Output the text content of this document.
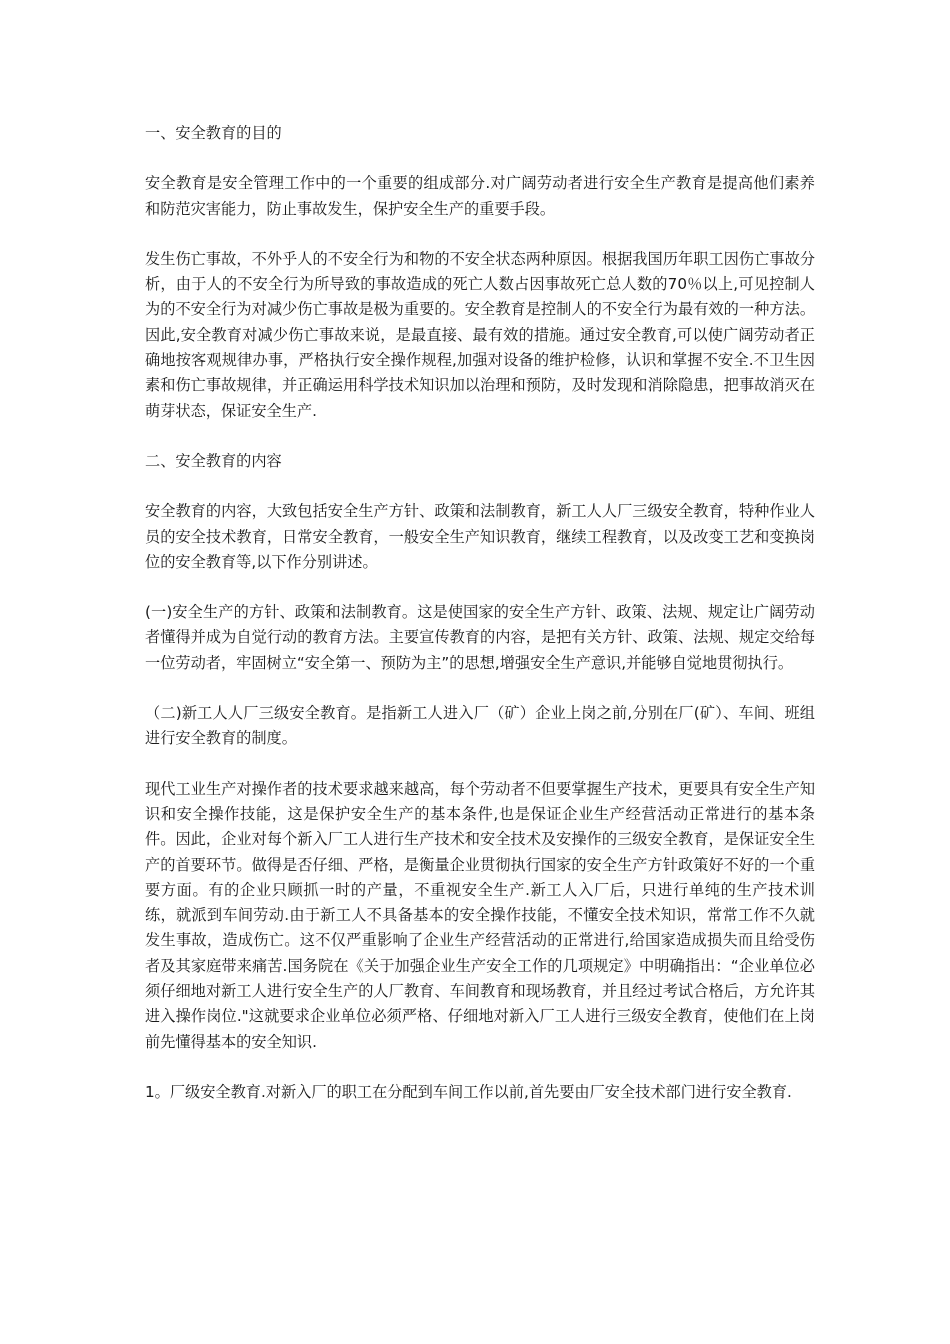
一、安全教育的目的

安全教育是安全管理工作中的一个重要的组成部分.对广阔劳动者进行安全生产教育是提高他们素养和防范灾害能力，防止事故发生，保护安全生产的重要手段。

发生伤亡事故，不外乎人的不安全行为和物的不安全状态两种原因。根据我国历年职工因伤亡事故分析，由于人的不安全行为所导致的事故造成的死亡人数占因事故死亡总人数的70％以上,可见控制人为的不安全行为对减少伤亡事故是极为重要的。安全教育是控制人的不安全行为最有效的一种方法。因此,安全教育对减少伤亡事故来说，是最直接、最有效的措施。通过安全教育,可以使广阔劳动者正确地按客观规律办事，严格执行安全操作规程,加强对设备的维护检修，认识和掌握不安全.不卫生因素和伤亡事故规律，并正确运用科学技术知识加以治理和预防，及时发现和消除隐患，把事故消灭在萌芽状态，保证安全生产.

二、安全教育的内容

安全教育的内容，大致包括安全生产方针、政策和法制教育，新工人人厂三级安全教育，特种作业人员的安全技术教育，日常安全教育，一般安全生产知识教育，继续工程教育，以及改变工艺和变换岗位的安全教育等,以下作分别讲述。

(一)安全生产的方针、政策和法制教育。这是使国家的安全生产方针、政策、法规、规定让广阔劳动者懂得并成为自觉行动的教育方法。主要宣传教育的内容，是把有关方针、政策、法规、规定交给每一位劳动者，牢固树立“安全第一、预防为主”的思想,增强安全生产意识,并能够自觉地贯彻执行。

（二)新工人人厂三级安全教育。是指新工人进入厂（矿）企业上岗之前,分别在厂(矿）、车间、班组进行安全教育的制度。

现代工业生产对操作者的技术要求越来越高，每个劳动者不但要掌握生产技术，更要具有安全生产知识和安全操作技能，这是保护安全生产的基本条件,也是保证企业生产经营活动正常进行的基本条件。因此，企业对每个新入厂工人进行生产技术和安全技术及安操作的三级安全教育，是保证安全生产的首要环节。做得是否仔细、严格，是衡量企业贯彻执行国家的安全生产方针政策好不好的一个重要方面。有的企业只顾抓一时的产量，不重视安全生产.新工人入厂后，只进行单纯的生产技术训练，就派到车间劳动.由于新工人不具备基本的安全操作技能，不懂安全技术知识，常常工作不久就发生事故，造成伤亡。这不仅严重影响了企业生产经营活动的正常进行,给国家造成损失而且给受伤者及其家庭带来痛苦.国务院在《关于加强企业生产安全工作的几项规定》中明确指出：“企业单位必须仔细地对新工人进行安全生产的人厂教育、车间教育和现场教育，并且经过考试合格后，方允许其进入操作岗位."这就要求企业单位必须严格、仔细地对新入厂工人进行三级安全教育，使他们在上岗前先懂得基本的安全知识.

1。厂级安全教育.对新入厂的职工在分配到车间工作以前,首先要由厂安全技术部门进行安全教育.
